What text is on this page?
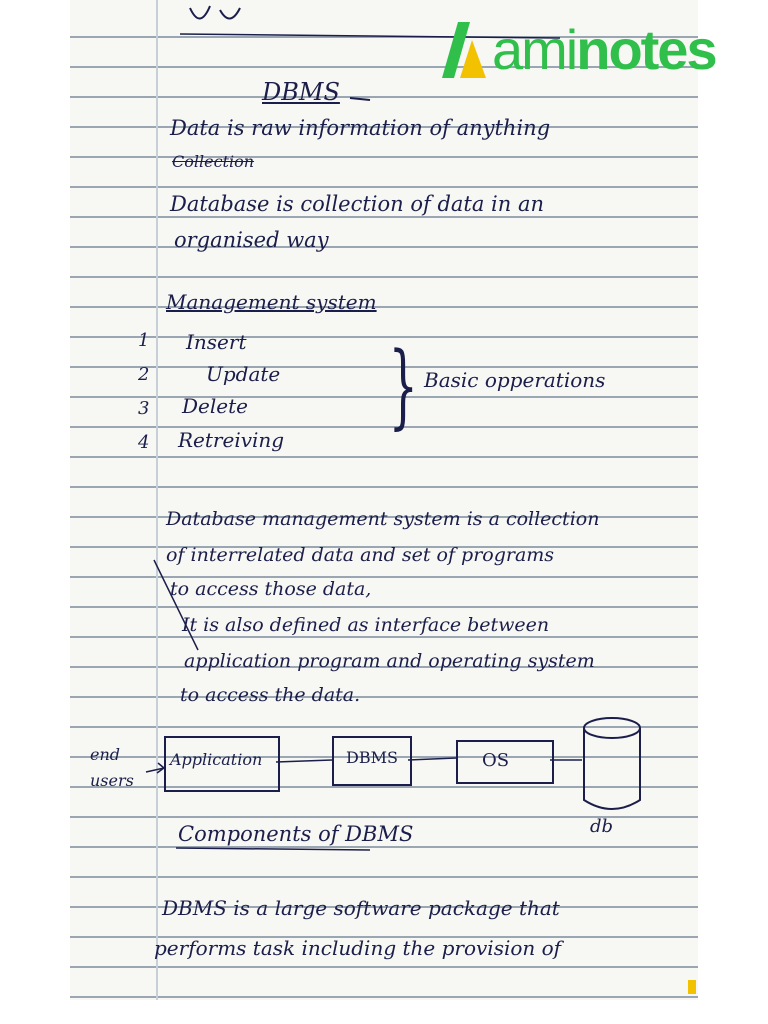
DBMS
Data is raw information of anything
Collection
Database is collection of data in an
organised way
Management system
1 Insert
2	Update
3 Delete
4 Retreiving
} Basic opperations
Database management system is a collection
of interrelated data and set of programs
to access those data,
It is also defined as interface between
application program and operating system
to access the data.
end users
Application	DBMS	OS
db
Components of DBMS
DBMS is a large software package that
performs task including the provision of
aminotes
